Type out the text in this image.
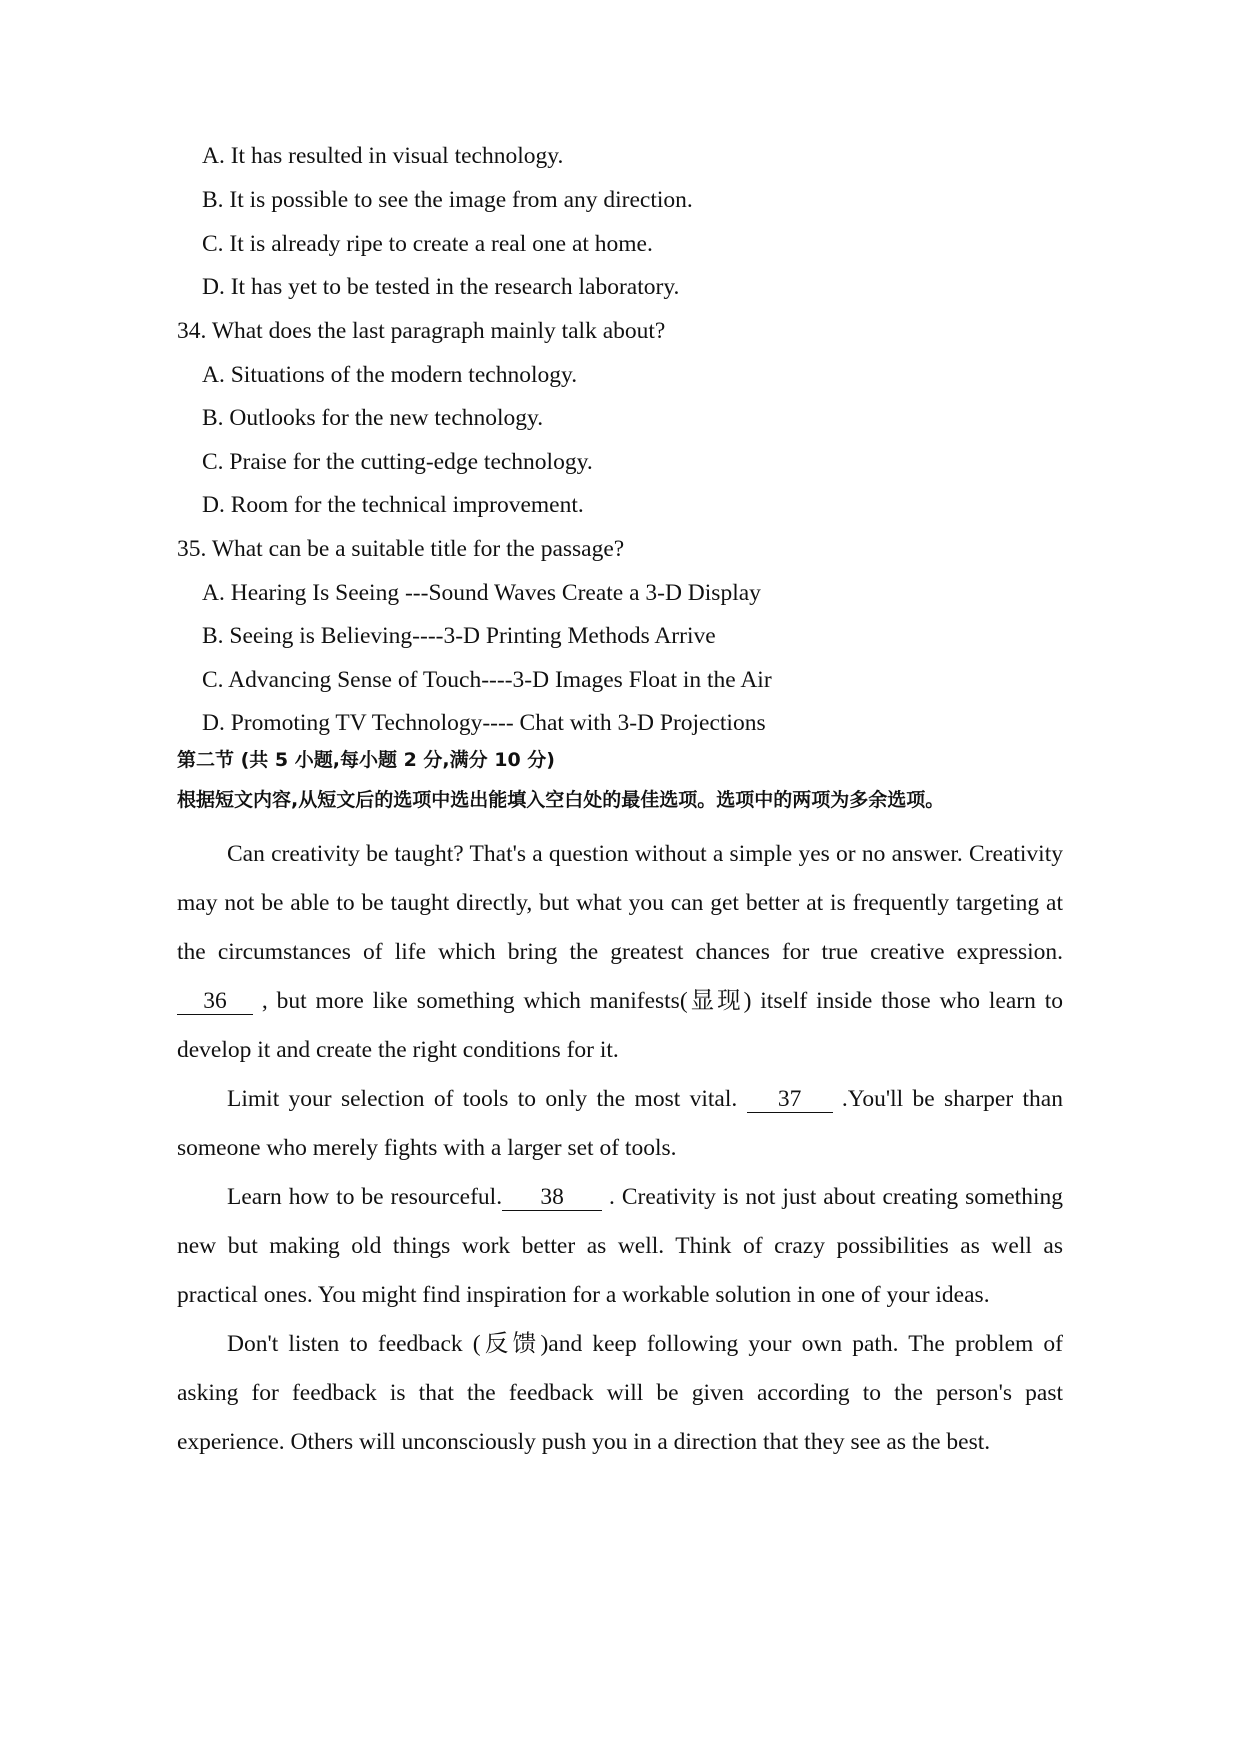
A. It has resulted in visual technology.
B. It is possible to see the image from any direction.
C. It is already ripe to create a real one at home.
D. It has yet to be tested in the research laboratory.
34. What does the last paragraph mainly talk about?
A. Situations of the modern technology.
B. Outlooks for the new technology.
C. Praise for the cutting-edge technology.
D. Room for the technical improvement.
35. What can be a suitable title for the passage?
A. Hearing Is Seeing ---Sound Waves Create a 3-D Display
B. Seeing is Believing----3-D Printing Methods Arrive
C. Advancing Sense of Touch----3-D Images Float in the Air
D. Promoting TV Technology---- Chat with 3-D Projections
第二节 (共 5 小题,每小题 2 分,满分 10 分)
根据短文内容,从短文后的选项中选出能填入空白处的最佳选项。选项中的两项为多余选项。

Can creativity be taught? That's a question without a simple yes or no answer. Creativity may not be able to be taught directly, but what you can get better at is frequently targeting at the circumstances of life which bring the greatest chances for true creative expression. 36 , but more like something which manifests(显现) itself inside those who learn to develop it and create the right conditions for it.

Limit your selection of tools to only the most vital. 37 .You'll be sharper than someone who merely fights with a larger set of tools.

Learn how to be resourceful. 38 . Creativity is not just about creating something new but making old things work better as well. Think of crazy possibilities as well as practical ones. You might find inspiration for a workable solution in one of your ideas.

Don't listen to feedback (反馈)and keep following your own path. The problem of asking for feedback is that the feedback will be given according to the person's past experience. Others will unconsciously push you in a direction that they see as the best.
